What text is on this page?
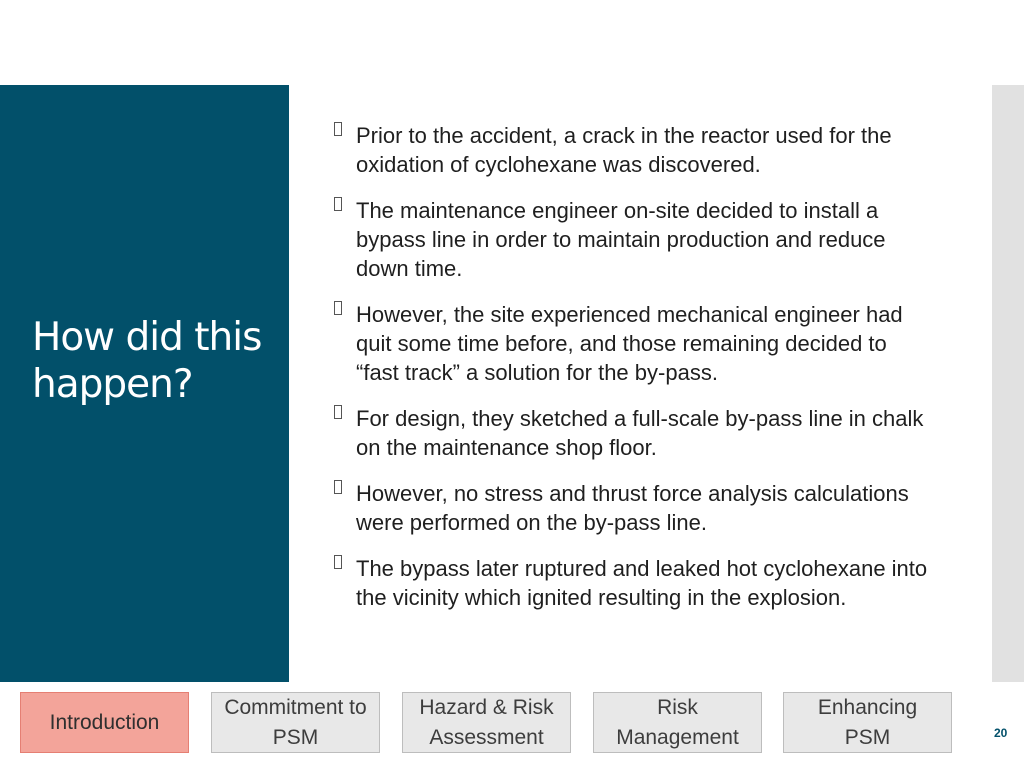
How did this happen?
Prior to the accident, a crack in the reactor used for the oxidation of cyclohexane was discovered.
The maintenance engineer on-site decided to install a bypass line in order to maintain production and reduce down time.
However, the site experienced mechanical engineer had quit some time before, and those remaining decided to “fast track” a solution for the by-pass.
For design, they sketched a full-scale by-pass line in chalk on the maintenance shop floor.
However, no stress and thrust force analysis calculations were performed on the by-pass line.
The bypass later ruptured and leaked hot cyclohexane into the vicinity which ignited resulting in the explosion.
Introduction
Commitment to PSM
Hazard & Risk Assessment
Risk Management
Enhancing PSM	20
